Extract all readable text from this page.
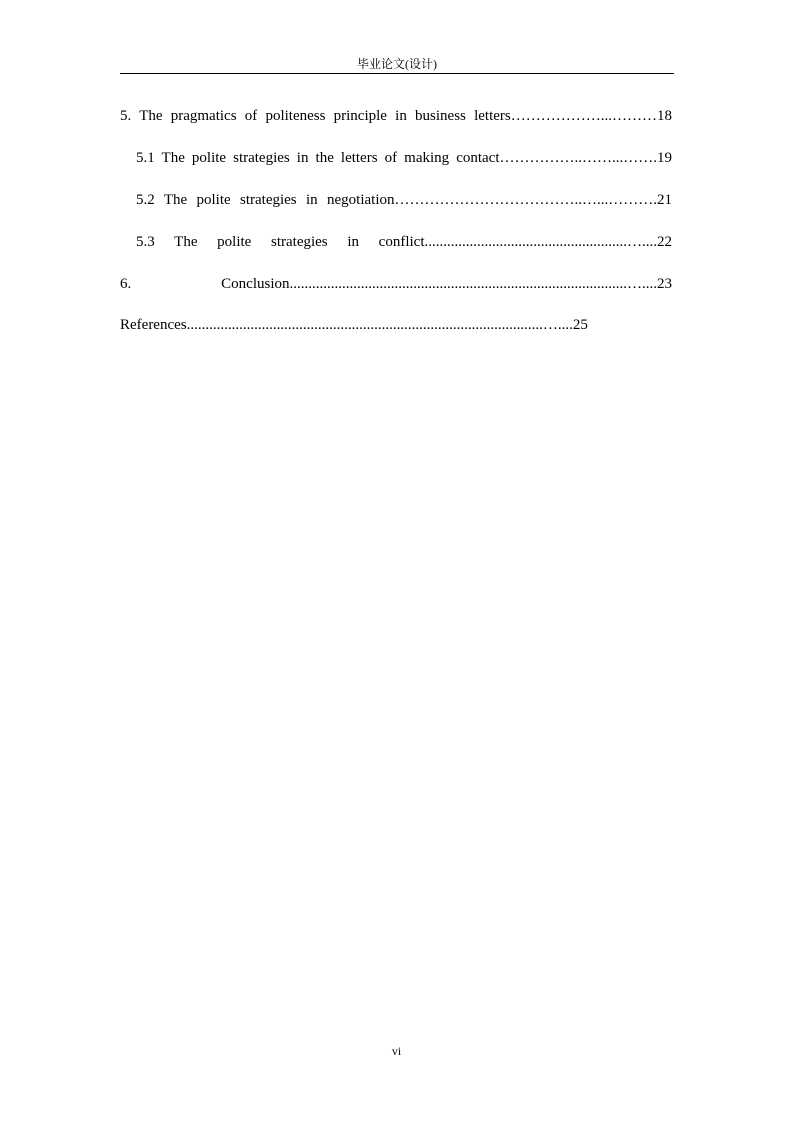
毕业论文(设计)
5. The pragmatics of politeness principle in business letters………………...………18
5.1 The polite strategies in the letters of making contact……………..……...…….19
5.2 The polite strategies in negotiation………………………………..…...……….21
5.3 The polite strategies in conflict......................................................…....22
6. Conclusion..........................................................................................…....23
References...............................................................................................…....25
vi
